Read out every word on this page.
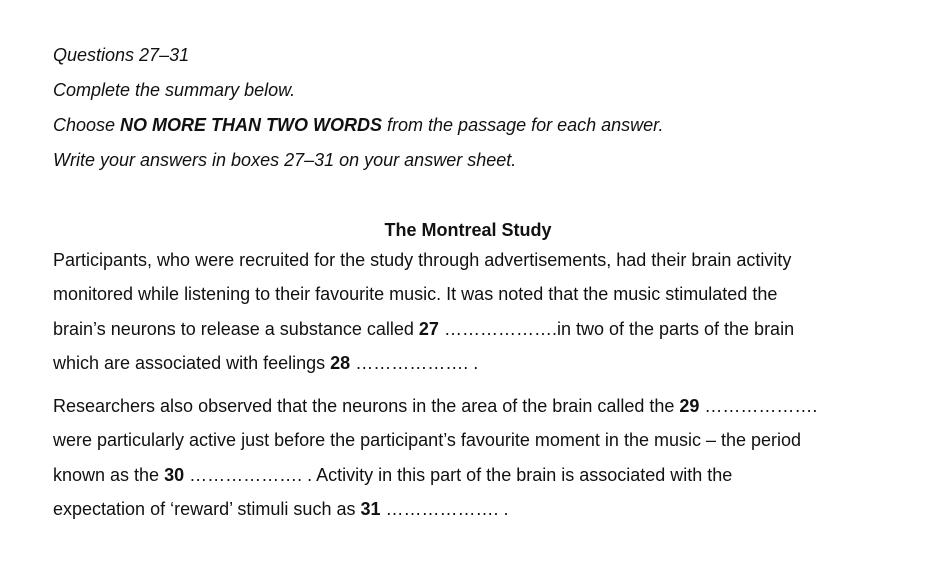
Questions 27–31

Complete the summary below.

Choose NO MORE THAN TWO WORDS from the passage for each answer.

Write your answers in boxes 27–31 on your answer sheet.

The Montreal Study

Participants, who were recruited for the study through advertisements, had their brain activity
monitored while listening to their favourite music. It was noted that the music stimulated the
brain’s neurons to release a substance called 27 ……………….in two of the parts of the brain
which are associated with feelings 28 ………………. .

Researchers also observed that the neurons in the area of the brain called the 29 ……………….
were particularly active just before the participant’s favourite moment in the music – the period
known as the 30 ………………. . Activity in this part of the brain is associated with the
expectation of ‘reward’ stimuli such as 31 ………………. .
